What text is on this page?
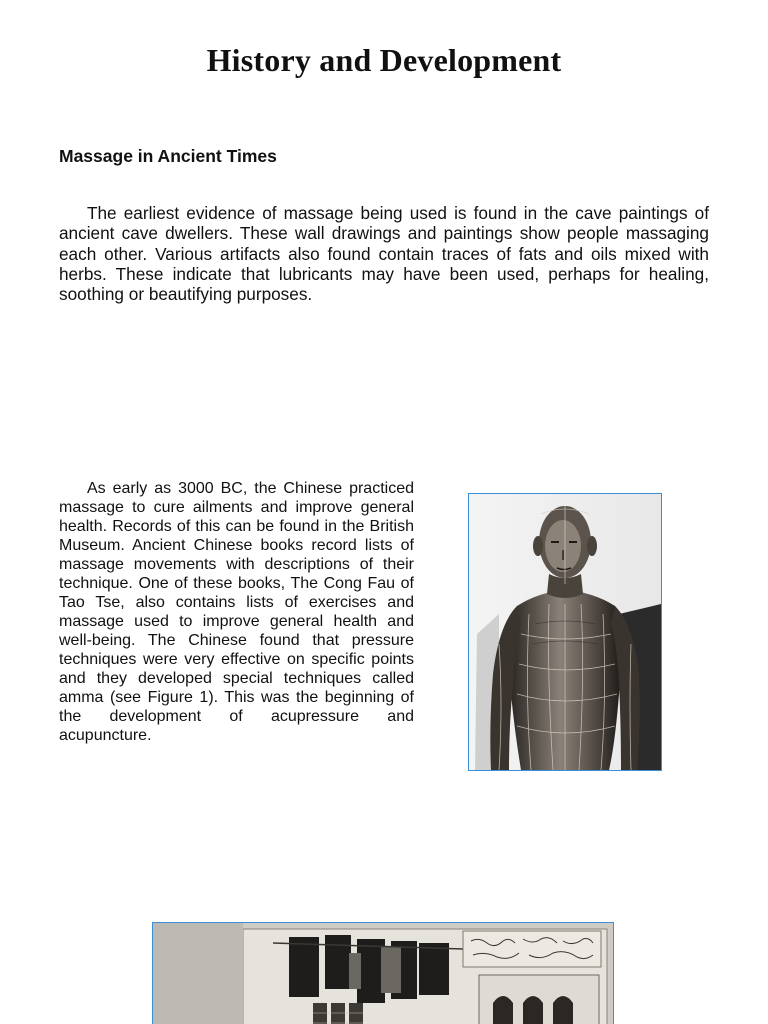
History and Development
Massage in Ancient Times

The earliest evidence of massage being used is found in the cave paintings of ancient cave dwellers. These wall drawings and paintings show people massaging each other. Various artifacts also found contain traces of fats and oils mixed with herbs. These indicate that lubricants may have been used, perhaps for healing, soothing or beautifying purposes.

As early as 3000 BC, the Chinese practiced massage to cure ailments and improve general health. Records of this can be found in the British Museum. Ancient Chinese books record lists of massage movements with descriptions of their technique. One of these books, The Cong Fau of Tao Tse, also contains lists of exercises and massage used to improve general health and well-being. The Chinese found that pressure techniques were very effective on specific points and they developed special techniques called amma (see Figure 1). This was the beginning of the development of acupressure and acupuncture.
